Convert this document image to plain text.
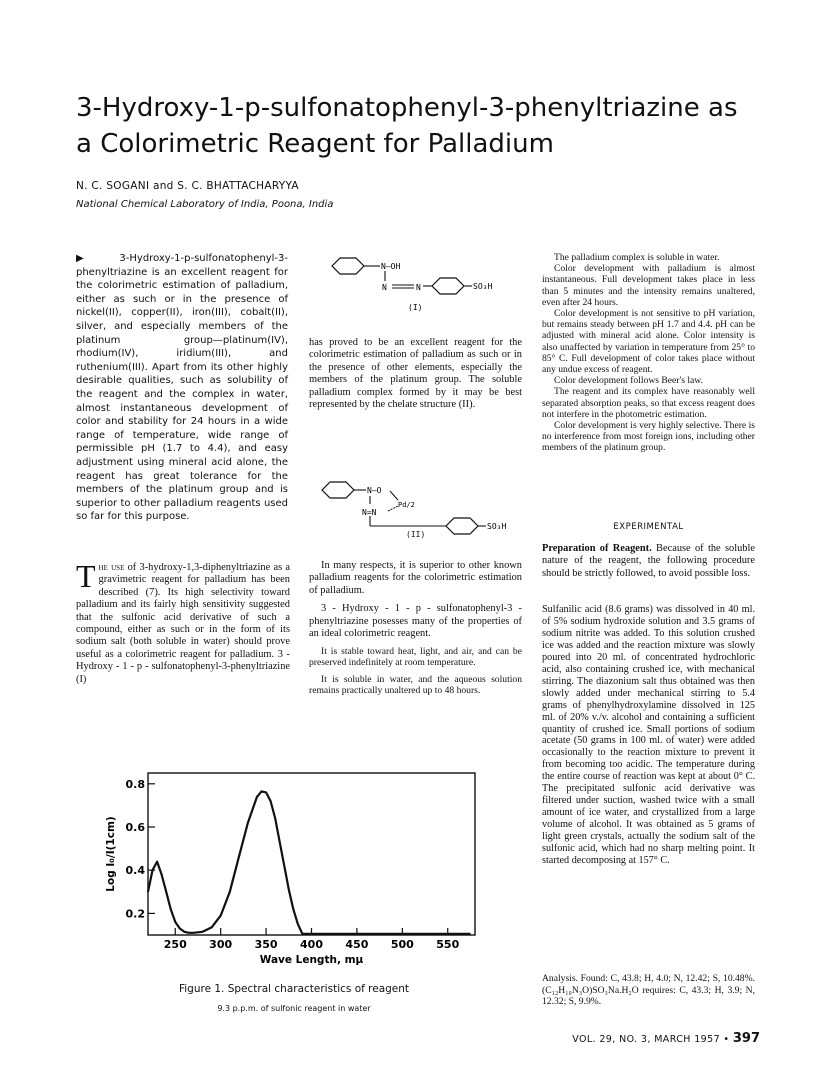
3-Hydroxy-1-p-sulfonatophenyl-3-phenyltriazine as
a Colorimetric Reagent for Palladium
N. C. SOGANI and S. C. BHATTACHARYYA
National Chemical Laboratory of India, Poona, India
▶3-Hydroxy-1-p-sulfonatophenyl-3-phenyltriazine is an excellent reagent for the colorimetric estimation of palladium, either as such or in the presence of nickel(II), copper(II), iron(III), cobalt(II), silver, and especially members of the platinum group—platinum(IV), rhodium(IV), iridium(III), and ruthenium(III). Apart from its other highly desirable qualities, such as solubility of the reagent and the complex in water, almost instantaneous development of color and stability for 24 hours in a wide range of temperature, wide range of permissible pH (1.7 to 4.4), and easy adjustment using mineral acid alone, the reagent has great tolerance for the members of the platinum group and is superior to other palladium reagents used so far for this purpose.
The use of 3-hydroxy-1,3-diphenyltriazine as a gravimetric reagent for palladium has been described (7). Its high selectivity toward palladium and its fairly high sensitivity suggested that the sulfonic acid derivative of such a compound, either as such or in the form of its sodium salt (both soluble in water) should prove useful as a colorimetric reagent for palladium. 3 - Hydroxy - 1 - p - sulfonatophenyl-3-phenyltriazine (I)
N—OH
N	N	SO₃H
(I)
has proved to be an excellent reagent for the colorimetric estimation of palladium as such or in the presence of other elements, especially the members of the platinum group. The soluble palladium complex formed by it may be best represented by the chelate structure (II).
N—O
Pd/2
N=N
SO₃H
(II)

In many respects, it is superior to other known palladium reagents for the colorimetric estimation of palladium.

3 - Hydroxy - 1 - p - sulfonatophenyl-3 - phenyltriazine posesses many of the properties of an ideal colorimetric reagent.

It is stable toward heat, light, and air, and can be preserved indefinitely at room temperature.

It is soluble in water, and the aqueous solution remains practically unaltered up to 48 hours.

The palladium complex is soluble in water.

Color development with palladium is almost instantaneous. Full development takes place in less than 5 minutes and the intensity remains unaltered, even after 24 hours.

Color development is not sensitive to pH variation, but remains steady between pH 1.7 and 4.4. pH can be adjusted with mineral acid alone. Color intensity is also unaffected by variation in temperature from 25° to 85° C. Full development of color takes place without any undue excess of reagent.

Color development follows Beer's law.

The reagent and its complex have reasonably well separated absorption peaks, so that excess reagent does not interfere in the photometric estimation.

Color development is very highly selective. There is no interference from most foreign ions, including other members of the platinum group.

EXPERIMENTAL
Preparation of Reagent. Because of the soluble nature of the reagent, the following procedure should be strictly followed, to avoid possible loss.
Sulfanilic acid (8.6 grams) was dissolved in 40 ml. of 5% sodium hydroxide solution and 3.5 grams of sodium nitrite was added. To this solution crushed ice was added and the reaction mixture was slowly poured into 20 ml. of concentrated hydrochloric acid, also containing crushed ice, with mechanical stirring. The diazonium salt thus obtained was then slowly added under mechanical stirring to 5.4 grams of phenylhydroxylamine dissolved in 125 ml. of 20% v./v. alcohol and containing a sufficient quantity of crushed ice. Small portions of sodium acetate (50 grams in 100 ml. of water) were added occasionally to the reaction mixture to prevent it from becoming too acidic. The temperature during the entire course of reaction was kept at about 0° C. The precipitated sulfonic acid derivative was filtered under suction, washed twice with a small amount of ice water, and crystallized from a large volume of alcohol. It was obtained as 5 grams of light green crystals, actually the sodium salt of the sulfonic acid, which had no sharp melting point. It started decomposing at 157° C.
Analysis. Found: C, 43.8; H, 4.0; N, 12.42; S, 10.48%. (C₁₂H₁₀N₃O)SO₃Na.H₂O requires: C, 43.3; H, 3.9; N, 12.32; S, 9.9%.
250 300 350 400 450 500 550
0.2
0.4
0.6
0.8
Wave Length, mμ
Log I₀/I(1cm)
Figure 1. Spectral characteristics of reagent
9.3 p.p.m. of sulfonic reagent in water
VOL. 29, NO. 3, MARCH 1957 • 397
